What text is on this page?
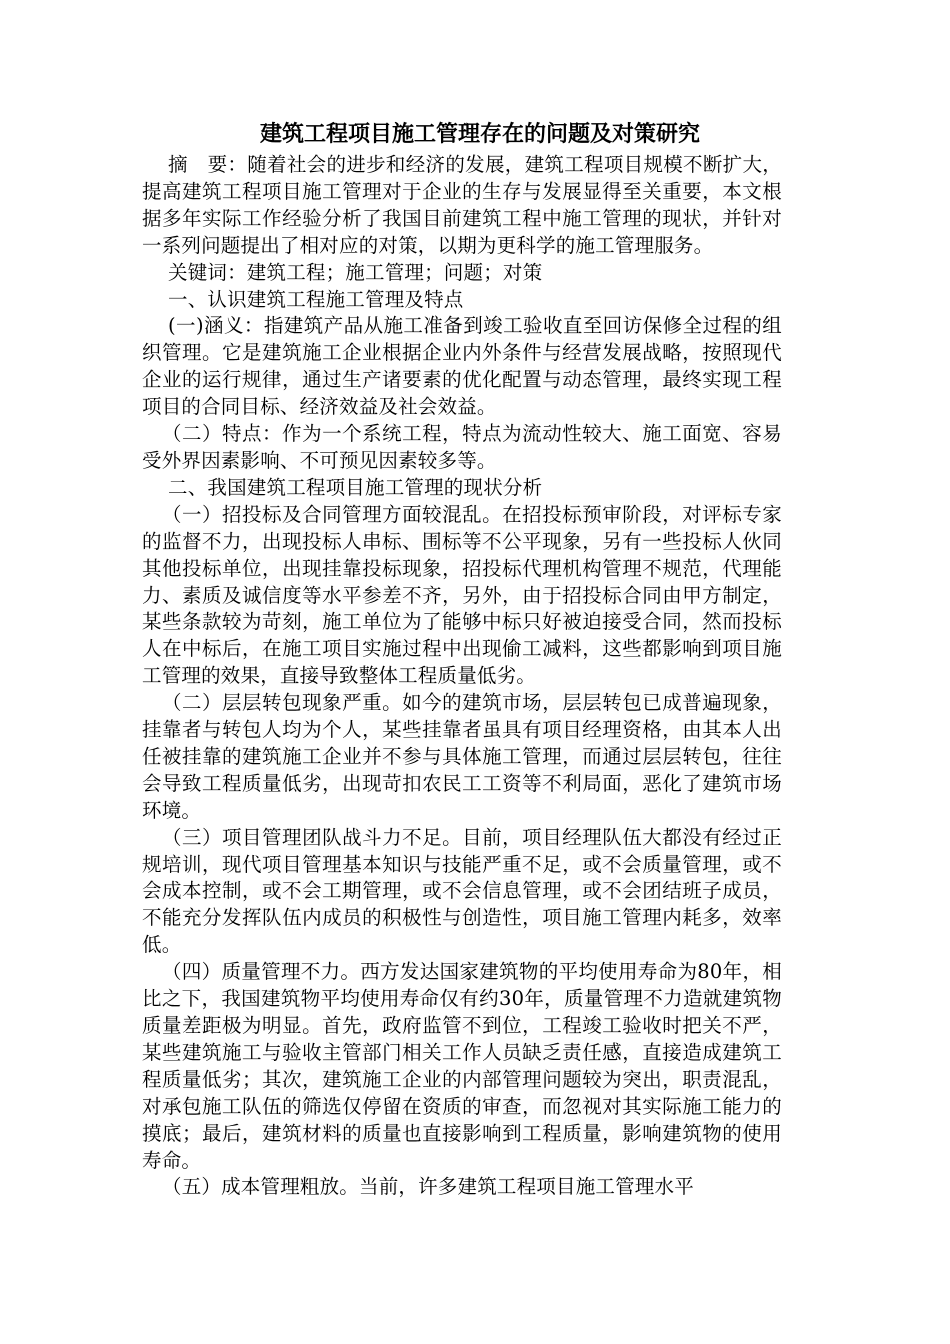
建筑工程项目施工管理存在的问题及对策研究

摘　要：随着社会的进步和经济的发展，建筑工程项目规模不断扩大，提高建筑工程项目施工管理对于企业的生存与发展显得至关重要，本文根据多年实际工作经验分析了我国目前建筑工程中施工管理的现状，并针对一系列问题提出了相对应的对策，以期为更科学的施工管理服务。

关键词：建筑工程；施工管理；问题；对策

一、认识建筑工程施工管理及特点

(一)涵义：指建筑产品从施工准备到竣工验收直至回访保修全过程的组织管理。它是建筑施工企业根据企业内外条件与经营发展战略，按照现代企业的运行规律，通过生产诸要素的优化配置与动态管理，最终实现工程项目的合同目标、经济效益及社会效益。

（二）特点：作为一个系统工程，特点为流动性较大、施工面宽、容易受外界因素影响、不可预见因素较多等。

二、我国建筑工程项目施工管理的现状分析

（一）招投标及合同管理方面较混乱。在招投标预审阶段，对评标专家的监督不力，出现投标人串标、围标等不公平现象，另有一些投标人伙同其他投标单位，出现挂靠投标现象，招投标代理机构管理不规范，代理能力、素质及诚信度等水平参差不齐，另外，由于招投标合同由甲方制定，某些条款较为苛刻，施工单位为了能够中标只好被迫接受合同，然而投标人在中标后，在施工项目实施过程中出现偷工减料，这些都影响到项目施工管理的效果，直接导致整体工程质量低劣。

（二）层层转包现象严重。如今的建筑市场，层层转包已成普遍现象，挂靠者与转包人均为个人，某些挂靠者虽具有项目经理资格，由其本人出任被挂靠的建筑施工企业并不参与具体施工管理，而通过层层转包，往往会导致工程质量低劣，出现苛扣农民工工资等不利局面，恶化了建筑市场环境。

（三）项目管理团队战斗力不足。目前，项目经理队伍大都没有经过正规培训，现代项目管理基本知识与技能严重不足，或不会质量管理，或不会成本控制，或不会工期管理，或不会信息管理，或不会团结班子成员，不能充分发挥队伍内成员的积极性与创造性，项目施工管理内耗多，效率低。

（四）质量管理不力。西方发达国家建筑物的平均使用寿命为80年，相比之下，我国建筑物平均使用寿命仅有约30年，质量管理不力造就建筑物质量差距极为明显。首先，政府监管不到位，工程竣工验收时把关不严，某些建筑施工与验收主管部门相关工作人员缺乏责任感，直接造成建筑工程质量低劣；其次，建筑施工企业的内部管理问题较为突出，职责混乱，对承包施工队伍的筛选仅停留在资质的审查，而忽视对其实际施工能力的摸底；最后，建筑材料的质量也直接影响到工程质量，影响建筑物的使用寿命。

（五）成本管理粗放。当前，许多建筑工程项目施工管理水平
